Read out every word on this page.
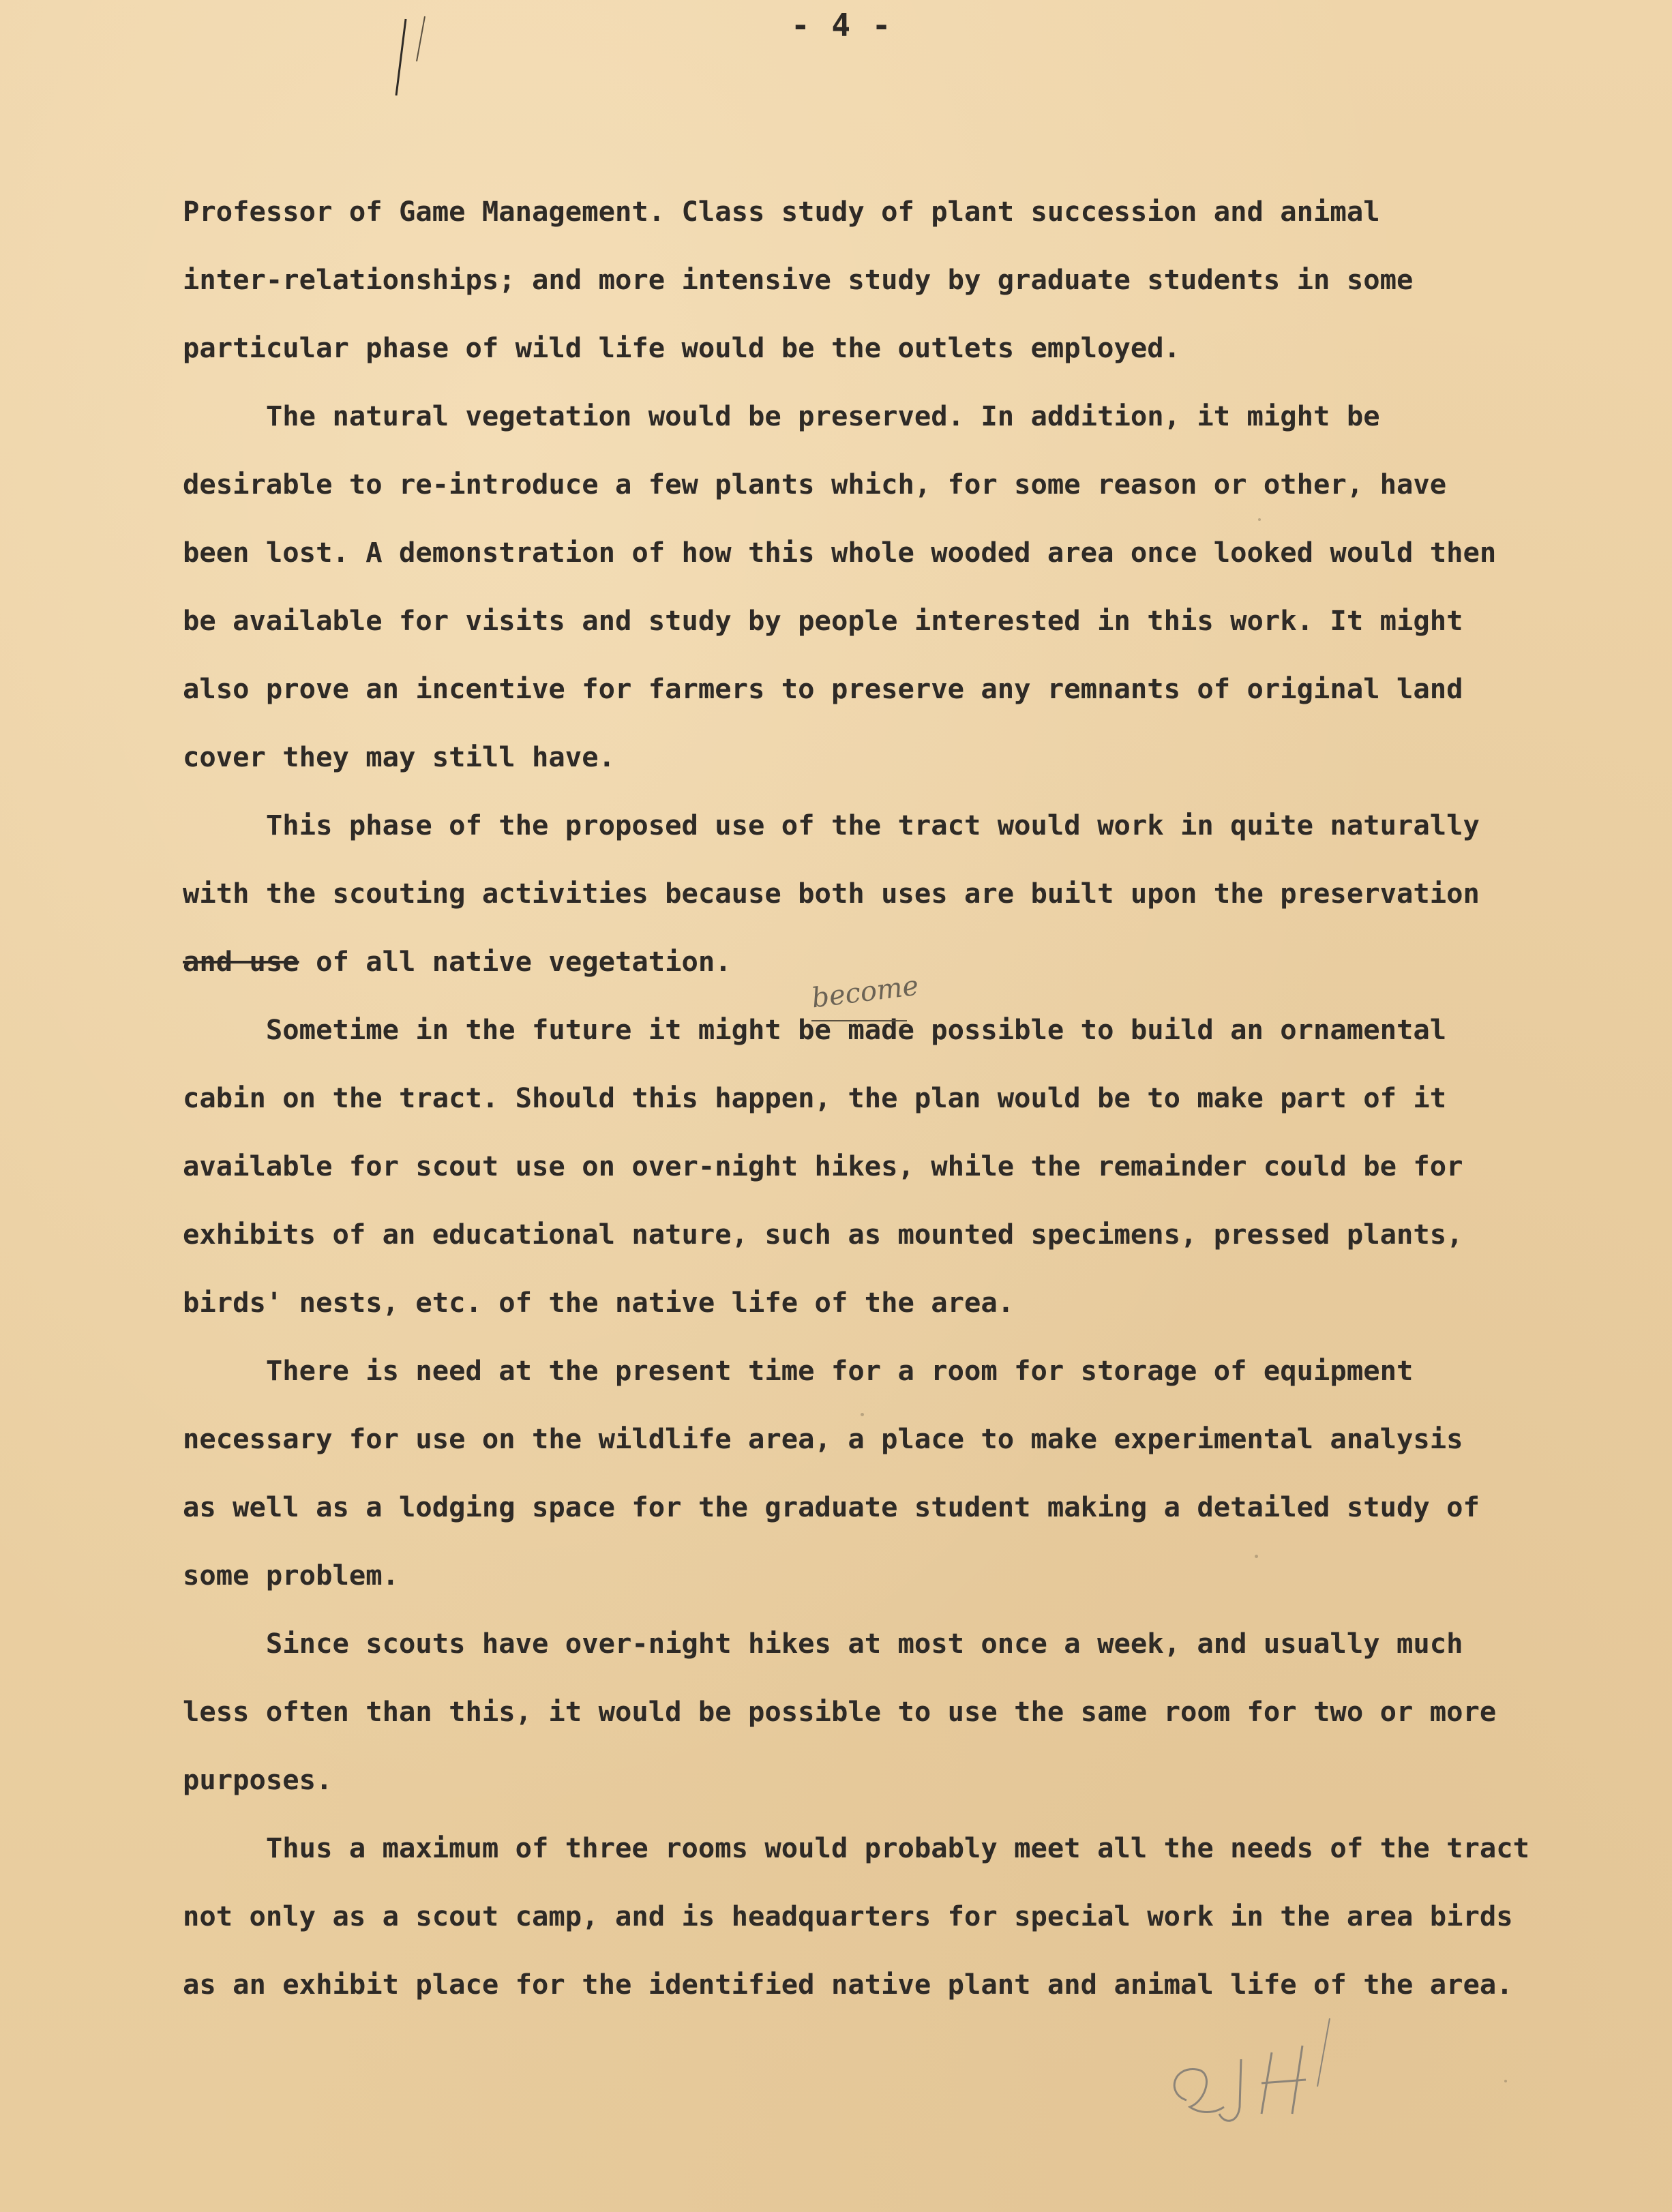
- 4 -
Professor of Game Management. Class study of plant succession and animal
inter-relationships; and more intensive study by graduate students in some
particular phase of wild life would be the outlets employed.
The natural vegetation would be preserved. In addition, it might be
desirable to re-introduce a few plants which, for some reason or other, have
been lost. A demonstration of how this whole wooded area once looked would then
be available for visits and study by people interested in this work. It might
also prove an incentive for farmers to preserve any remnants of original land
cover they may still have.
This phase of the proposed use of the tract would work in quite naturally
with the scouting activities because both uses are built upon the preservation
and use of all native vegetation.
Sometime in the future it might be made possible to build an ornamental
cabin on the tract. Should this happen, the plan would be to make part of it
available for scout use on over-night hikes, while the remainder could be for
exhibits of an educational nature, such as mounted specimens, pressed plants,
birds' nests, etc. of the native life of the area.
There is need at the present time for a room for storage of equipment
necessary for use on the wildlife area, a place to make experimental analysis
as well as a lodging space for the graduate student making a detailed study of
some problem.
Since scouts have over-night hikes at most once a week, and usually much
less often than this, it would be possible to use the same room for two or more
purposes.
Thus a maximum of three rooms would probably meet all the needs of the tract
not only as a scout camp, and is headquarters for special work in the area birds
as an exhibit place for the identified native plant and animal life of the area.
become
